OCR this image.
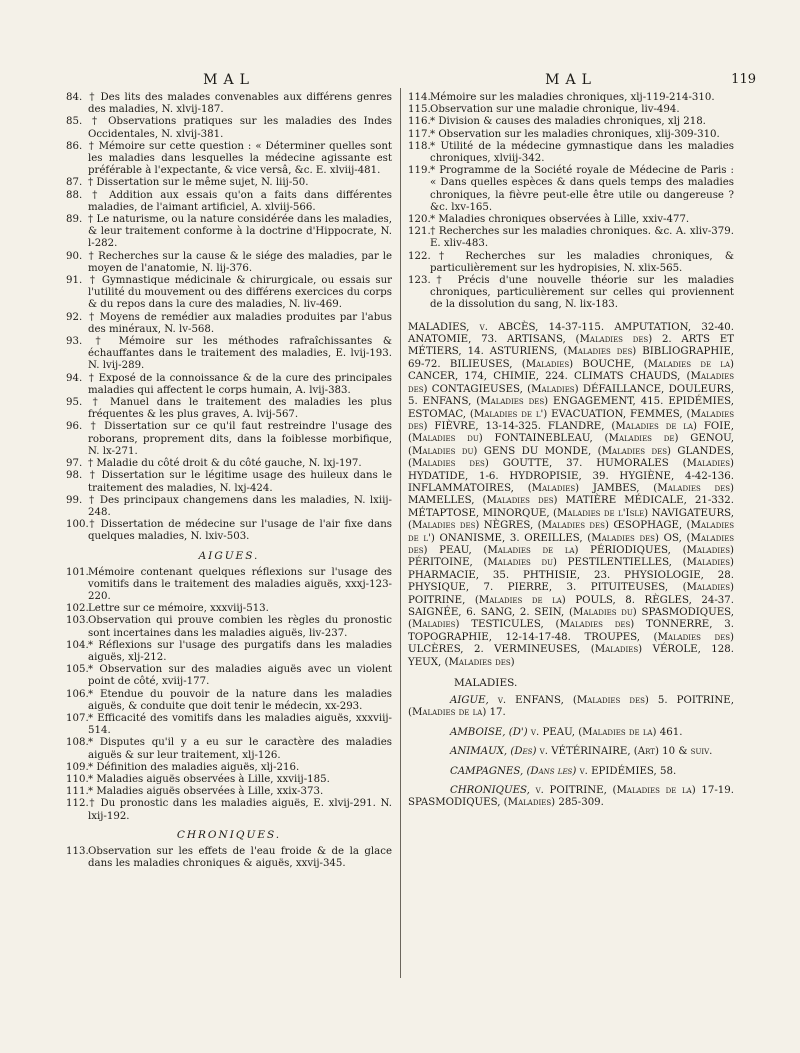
MAL

84. † Des lits des malades convenables aux différens genres des maladies, N. xlvij-187.

85. † Observations pratiques sur les maladies des Indes Occidentales, N. xlvij-381.

86. † Mémoire sur cette question : « Déterminer quelles sont les maladies dans lesquelles la médecine agissante est préférable à l'expectante, & vice versâ, &c. E. xlviij-481.

87. † Dissertation sur le même sujet, N. liij-50.

88. † Addition aux essais qu'on a faits dans différentes maladies, de l'aimant artificiel, A. xlviij-566.

89. † Le naturisme, ou la nature considérée dans les maladies, & leur traitement conforme à la doctrine d'Hippocrate, N. l-282.

90. † Recherches sur la cause & le siége des maladies, par le moyen de l'anatomie, N. lij-376.

91. † Gymnastique médicinale & chirurgicale, ou essais sur l'utilité du mouvement ou des différens exercices du corps & du repos dans la cure des maladies, N. liv-469.

92. † Moyens de remédier aux maladies produites par l'abus des minéraux, N. lv-568.

93. † Mémoire sur les méthodes rafraîchissantes & échauffantes dans le traitement des maladies, E. lvij-193. N. lvij-289.

94. † Exposé de la connoissance & de la cure des principales maladies qui affectent le corps humain, A. lvij-383.

95. † Manuel dans le traitement des maladies les plus fréquentes & les plus graves, A. lvij-567.

96. † Dissertation sur ce qu'il faut restreindre l'usage des roborans, proprement dits, dans la foiblesse morbifique, N. lx-271.

97. † Maladie du côté droit & du côté gauche, N. lxj-197.

98. † Dissertation sur le légitime usage des huileux dans le traitement des maladies, N. lxj-424.

99. † Des principaux changemens dans les maladies, N. lxiij-248.

100.† Dissertation de médecine sur l'usage de l'air fixe dans quelques maladies, N. lxiv-503.

AIGUES.

101.Mémoire contenant quelques réflexions sur l'usage des vomitifs dans le traitement des maladies aiguës, xxxj-123-220.

102.Lettre sur ce mémoire, xxxviij-513.

103.Observation qui prouve combien les règles du pronostic sont incertaines dans les maladies aiguës, liv-237.

104.* Réflexions sur l'usage des purgatifs dans les maladies aiguës, xlj-212.

105.* Observation sur des maladies aiguës avec un violent point de côté, xviij-177.

106.* Etendue du pouvoir de la nature dans les maladies aiguës, & conduite que doit tenir le médecin, xx-293.

107.* Efficacité des vomitifs dans les maladies aiguës, xxxviij-514.

108.* Disputes qu'il y a eu sur le caractère des maladies aiguës & sur leur traitement, xlj-126.

109.* Définition des maladies aiguës, xlj-216.

110.* Maladies aiguës observées à Lille, xxviij-185.

111.* Maladies aiguës observées à Lille, xxix-373.

112.† Du pronostic dans les maladies aiguës, E. xlvij-291. N. lxij-192.

CHRONIQUES.

113.Observation sur les effets de l'eau froide & de la glace dans les maladies chroniques & aiguës, xxvij-345.

MAL	119

114.Mémoire sur les maladies chroniques, xlj-119-214-310.

115.Observation sur une maladie chronique, liv-494.

116.* Division & causes des maladies chroniques, xlj 218.

117.* Observation sur les maladies chroniques, xlij-309-310.

118.* Utilité de la médecine gymnastique dans les maladies chroniques, xlviij-342.

119.* Programme de la Société royale de Médecine de Paris : « Dans quelles espèces & dans quels temps des maladies chroniques, la fièvre peut-elle être utile ou dangereuse ? &c. lxv-165.

120.* Maladies chroniques observées à Lille, xxiv-477.

121.† Recherches sur les maladies chroniques. &c. A. xliv-379. E. xliv-483.

122.† Recherches sur les maladies chroniques, & particulièrement sur les hydropisies, N. xlix-565.

123.† Précis d'une nouvelle théorie sur les maladies chroniques, particulièrement sur celles qui proviennent de la dissolution du sang, N. lix-183.

MALADIES, v. ABCÈS, 14-37-115. AMPUTATION, 32-40. ANATOMIE, 73. ARTISANS, (Maladies des) 2. ARTS ET MÉTIERS, 14. ASTURIENS, (Maladies des) BIBLIOGRAPHIE, 69-72. BILIEUSES, (Maladies) BOUCHE, (Maladies de la) CANCER, 174, CHIMIE, 224. CLIMATS CHAUDS, (Maladies des) CONTAGIEUSES, (Maladies) DÉFAILLANCE, DOULEURS, 5. ENFANS, (Maladies des) ENGAGEMENT, 415. EPIDÉMIES, ESTOMAC, (Maladies de l') EVACUATION, FEMMES, (Maladies des) FIÈVRE, 13-14-325. FLANDRE, (Maladies de la) FOIE, (Maladies du) FONTAINEBLEAU, (Maladies de) GENOU, (Maladies du) GENS DU MONDE, (Maladies des) GLANDES, (Maladies des) GOUTTE, 37. HUMORALES (Maladies) HYDATIDE, 1-6. HYDROPISIE, 39. HYGIÈNE, 4-42-136. INFLAMMATOIRES, (Maladies) JAMBES, (Maladies des) MAMELLES, (Maladies des) MATIÈRE MÉDICALE, 21-332. MÉTAPTOSE, MINORQUE, (Maladies de l'Isle) NAVIGATEURS, (Maladies des) NÈGRES, (Maladies des) ŒSOPHAGE, (Maladies de l') ONANISME, 3. OREILLES, (Maladies des) OS, (Maladies des) PEAU, (Maladies de la) PÉRIODIQUES, (Maladies) PÉRITOINE, (Maladies du) PESTILENTIELLES, (Maladies) PHARMACIE, 35. PHTHISIE, 23. PHYSIOLOGIE, 28. PHYSIQUE, 7. PIERRE, 3. PITUITEUSES, (Maladies) POITRINE, (Maladies de la) POULS, 8. RÈGLES, 24-37. SAIGNÉE, 6. SANG, 2. SEIN, (Maladies du) SPASMODIQUES, (Maladies) TESTICULES, (Maladies des) TONNERRE, 3. TOPOGRAPHIE, 12-14-17-48. TROUPES, (Maladies des) ULCÈRES, 2. VERMINEUSES, (Maladies) VÉROLE, 128. YEUX, (Maladies des)

MALADIES.

AIGUE, v. ENFANS, (Maladies des) 5. POITRINE, (Maladies de la) 17.

AMBOISE, (D') v. PEAU, (Maladies de la) 461.

ANIMAUX, (Des) v. VÉTÉRINAIRE, (Art) 10 & suiv.

CAMPAGNES, (Dans les) v. EPIDÉMIES, 58.

CHRONIQUES, v. POITRINE, (Maladies de la) 17-19. SPASMODIQUES, (Maladies) 285-309.
